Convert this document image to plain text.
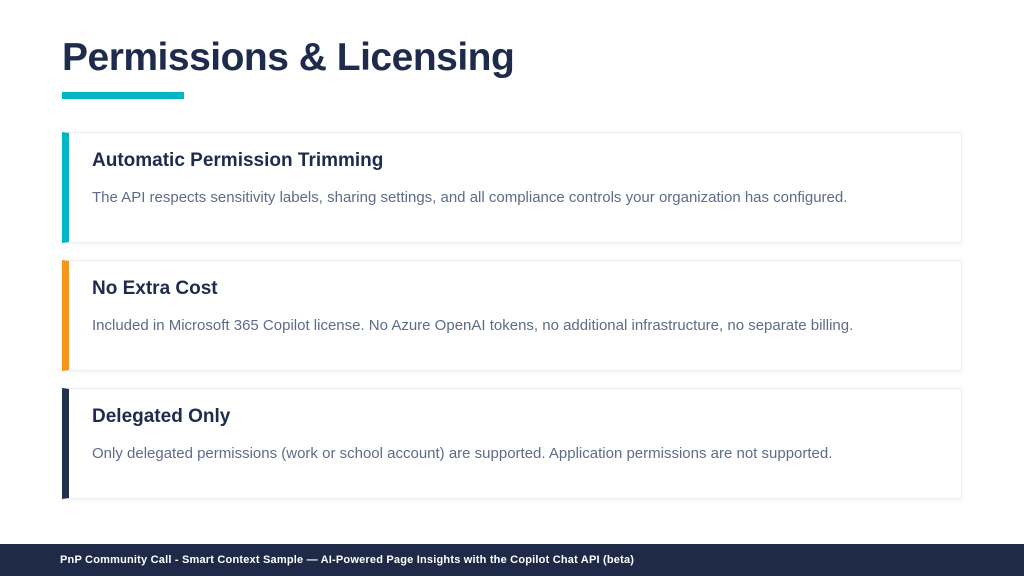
Permissions & Licensing
Automatic Permission Trimming

The API respects sensitivity labels, sharing settings, and all compliance controls your organization has configured.

No Extra Cost

Included in Microsoft 365 Copilot license. No Azure OpenAI tokens, no additional infrastructure, no separate billing.

Delegated Only

Only delegated permissions (work or school account) are supported. Application permissions are not supported.

PnP Community Call - Smart Context Sample — AI-Powered Page Insights with the Copilot Chat API (beta)
